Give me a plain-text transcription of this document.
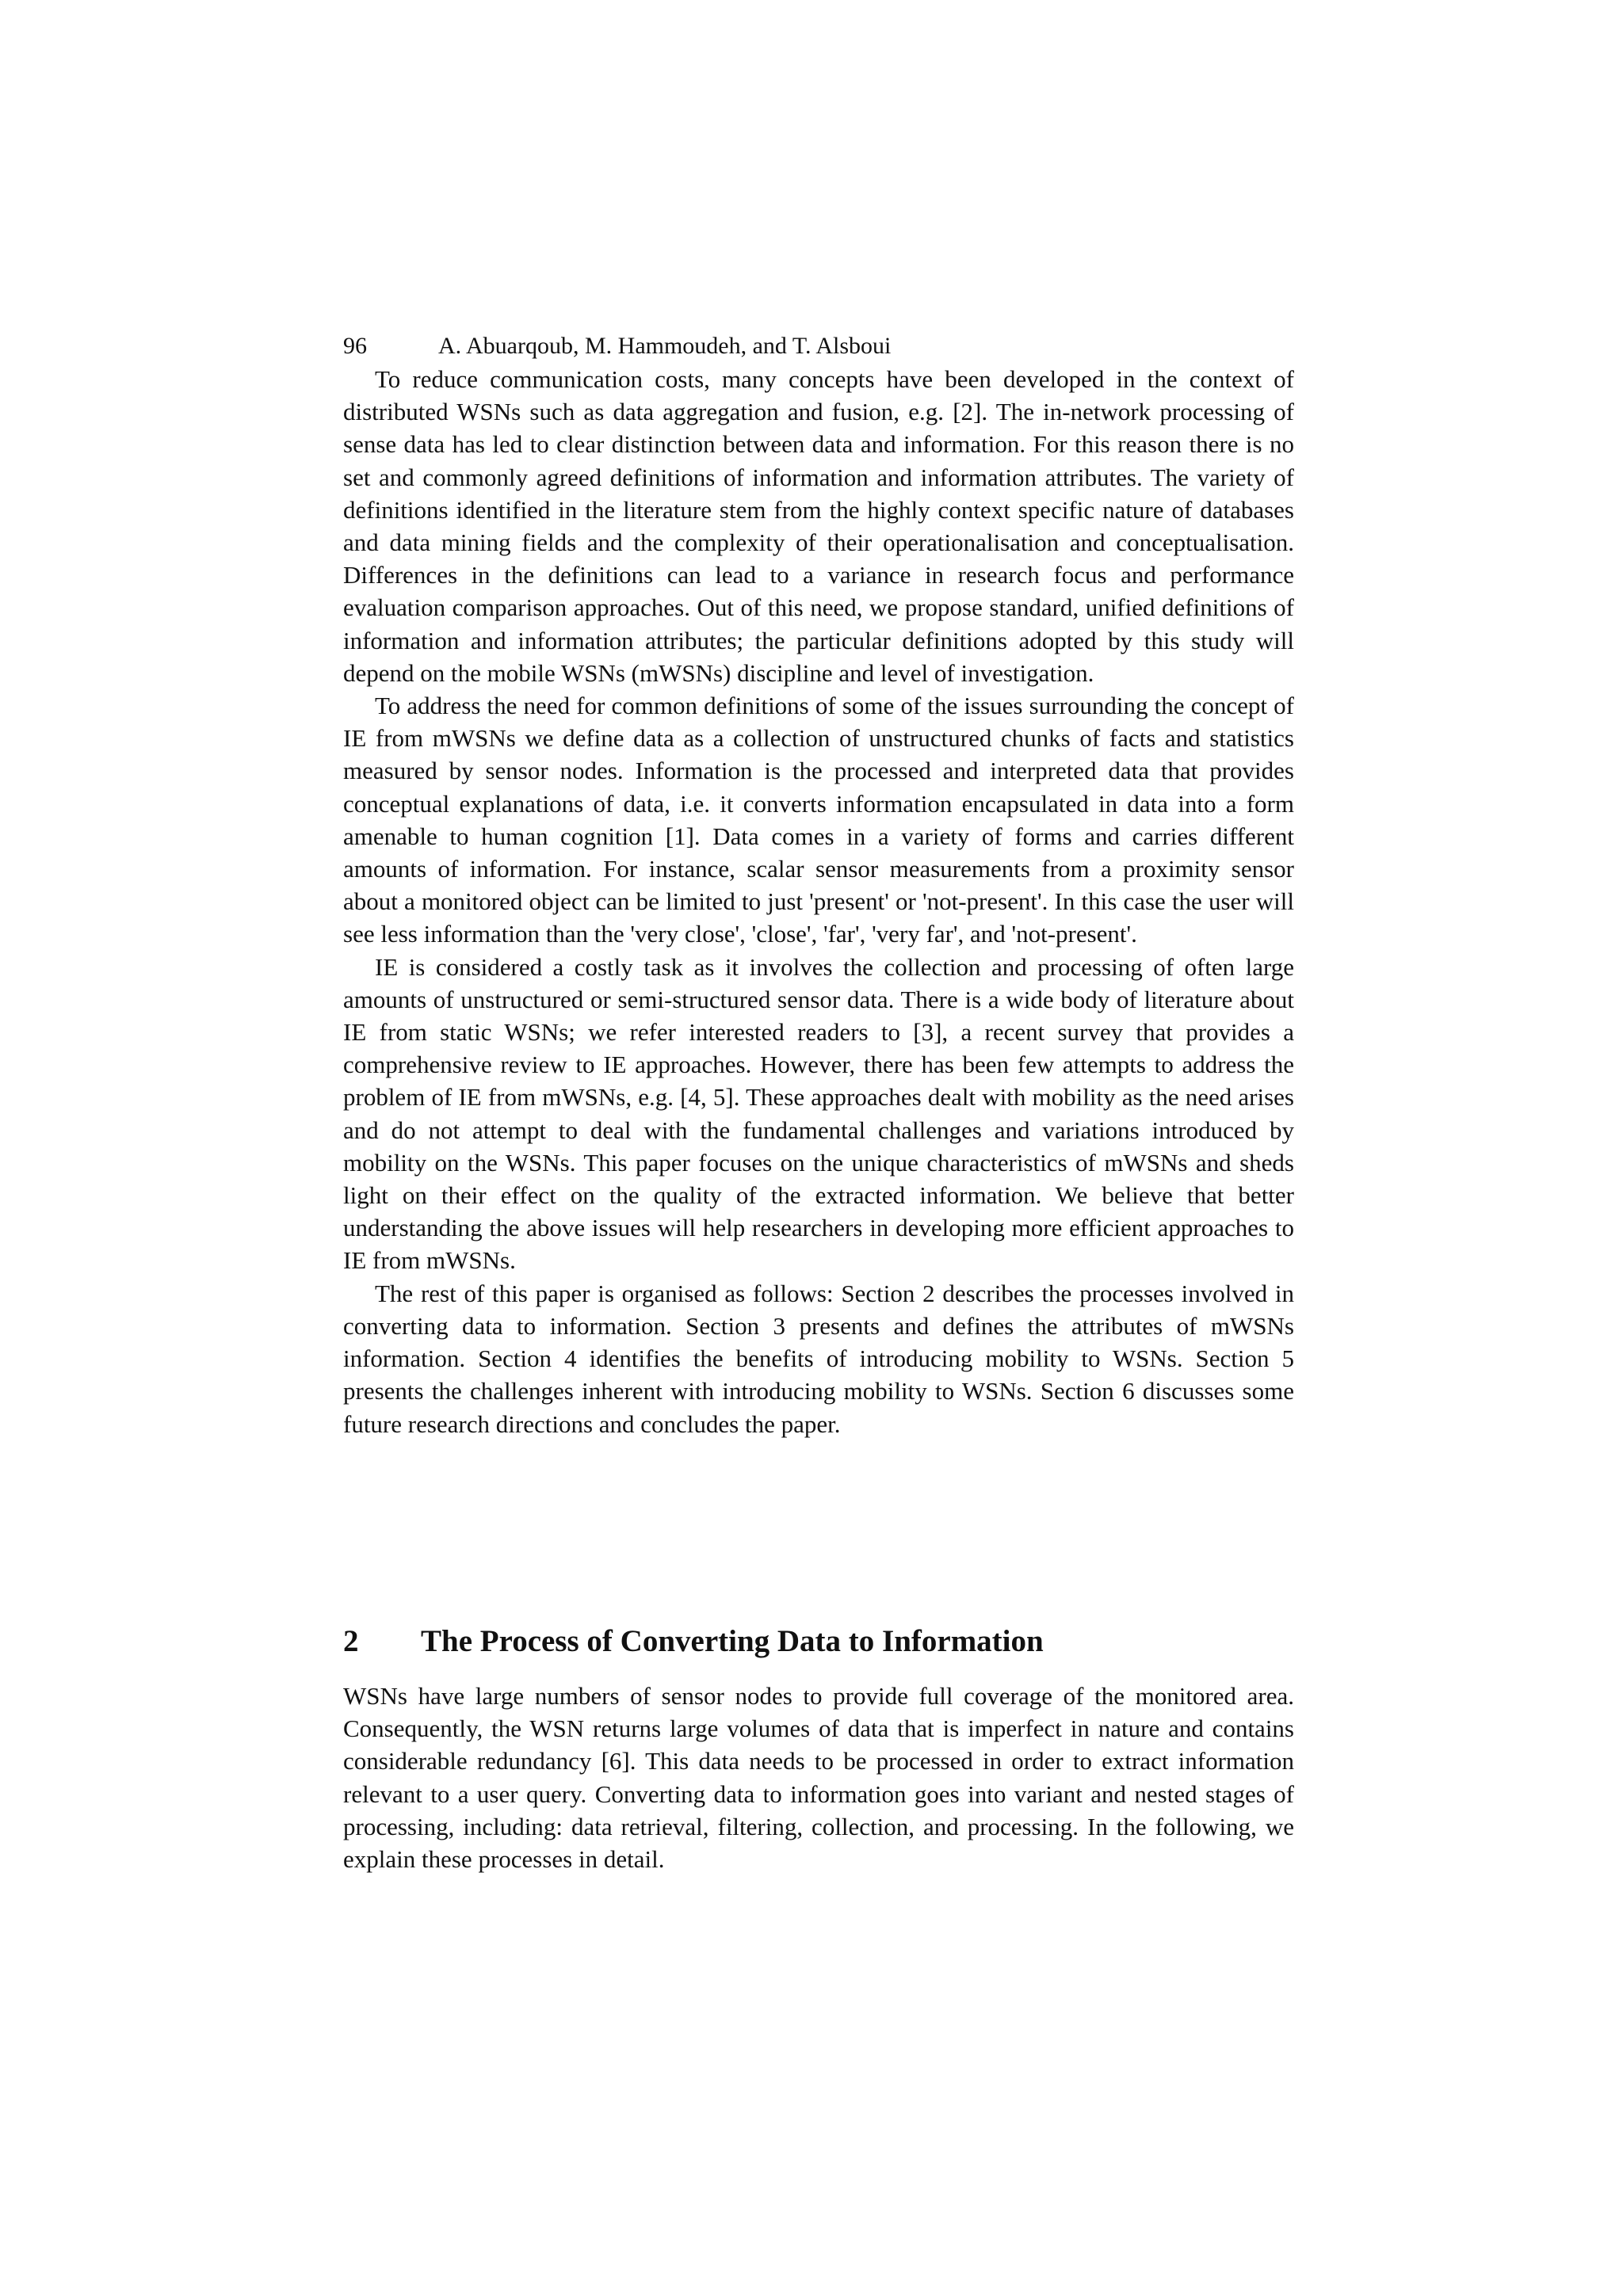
96	A. Abuarqoub, M. Hammoudeh, and T. Alsboui

To reduce communication costs, many concepts have been developed in the context of distributed WSNs such as data aggregation and fusion, e.g. [2]. The in-network processing of sense data has led to clear distinction between data and information. For this reason there is no set and commonly agreed definitions of information and information attributes. The variety of definitions identified in the literature stem from the highly context specific nature of databases and data mining fields and the complexity of their operationalisation and conceptualisation. Differences in the definitions can lead to a variance in research focus and performance evaluation comparison approaches. Out of this need, we propose standard, unified definitions of information and information attributes; the particular definitions adopted by this study will depend on the mobile WSNs (mWSNs) discipline and level of investigation.

To address the need for common definitions of some of the issues surrounding the concept of IE from mWSNs we define data as a collection of unstructured chunks of facts and statistics measured by sensor nodes. Information is the processed and interpreted data that provides conceptual explanations of data, i.e. it converts information encapsulated in data into a form amenable to human cognition [1]. Data comes in a variety of forms and carries different amounts of information. For instance, scalar sensor measurements from a proximity sensor about a monitored object can be limited to just 'present' or 'not-present'. In this case the user will see less information than the 'very close', 'close', 'far', 'very far', and 'not-present'.

IE is considered a costly task as it involves the collection and processing of often large amounts of unstructured or semi-structured sensor data. There is a wide body of literature about IE from static WSNs; we refer interested readers to [3], a recent survey that provides a comprehensive review to IE approaches. However, there has been few attempts to address the problem of IE from mWSNs, e.g. [4, 5]. These approaches dealt with mobility as the need arises and do not attempt to deal with the fundamental challenges and variations introduced by mobility on the WSNs. This paper focuses on the unique characteristics of mWSNs and sheds light on their effect on the quality of the extracted information. We believe that better understanding the above issues will help researchers in developing more efficient approaches to IE from mWSNs.

The rest of this paper is organised as follows: Section 2 describes the processes involved in converting data to information. Section 3 presents and defines the attributes of mWSNs information. Section 4 identifies the benefits of introducing mobility to WSNs. Section 5 presents the challenges inherent with introducing mobility to WSNs. Section 6 discusses some future research directions and concludes the paper.

2 The Process of Converting Data to Information

WSNs have large numbers of sensor nodes to provide full coverage of the monitored area. Consequently, the WSN returns large volumes of data that is imperfect in nature and contains considerable redundancy [6]. This data needs to be processed in order to extract information relevant to a user query. Converting data to information goes into variant and nested stages of processing, including: data retrieval, filtering, collection, and processing. In the following, we explain these processes in detail.
